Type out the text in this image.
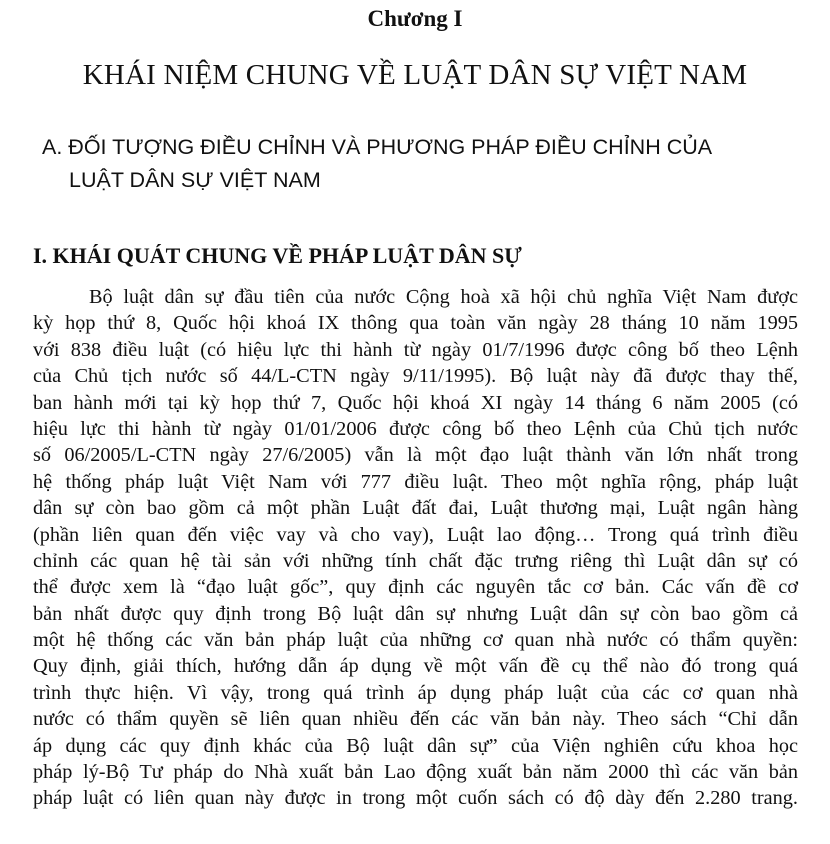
Chương I
KHÁI NIỆM CHUNG VỀ LUẬT DÂN SỰ VIỆT NAM
A. ĐỐI TƯỢNG ĐIỀU CHỈNH VÀ PHƯƠNG PHÁP ĐIỀU CHỈNH CỦA
LUẬT DÂN SỰ VIỆT NAM
I. KHÁI QUÁT CHUNG VỀ PHÁP LUẬT DÂN SỰ
Bộ luật dân sự đầu tiên của nước Cộng hoà xã hội chủ nghĩa Việt Nam được
kỳ họp thứ 8, Quốc hội khoá IX thông qua toàn văn ngày 28 tháng 10 năm 1995
với 838 điều luật (có hiệu lực thi hành từ ngày 01/7/1996 được công bố theo Lệnh
của Chủ tịch nước số 44/L-CTN ngày 9/11/1995). Bộ luật này đã được thay thế,
ban hành mới tại kỳ họp thứ 7, Quốc hội khoá XI ngày 14 tháng 6 năm 2005 (có
hiệu lực thi hành từ ngày 01/01/2006 được công bố theo Lệnh của Chủ tịch nước
số 06/2005/L-CTN ngày 27/6/2005) vẫn là một đạo luật thành văn lớn nhất trong
hệ thống pháp luật Việt Nam với 777 điều luật. Theo một nghĩa rộng, pháp luật
dân sự còn bao gồm cả một phần Luật đất đai, Luật thương mại, Luật ngân hàng
(phần liên quan đến việc vay và cho vay), Luật lao động… Trong quá trình điều
chỉnh các quan hệ tài sản với những tính chất đặc trưng riêng thì Luật dân sự có
thể được xem là “đạo luật gốc”, quy định các nguyên tắc cơ bản. Các vấn đề cơ
bản nhất được quy định trong Bộ luật dân sự nhưng Luật dân sự còn bao gồm cả
một hệ thống các văn bản pháp luật của những cơ quan nhà nước có thẩm quyền:
Quy định, giải thích, hướng dẫn áp dụng về một vấn đề cụ thể nào đó trong quá
trình thực hiện. Vì vậy, trong quá trình áp dụng pháp luật của các cơ quan nhà
nước có thẩm quyền sẽ liên quan nhiều đến các văn bản này. Theo sách “Chỉ dẫn
áp dụng các quy định khác của Bộ luật dân sự” của Viện nghiên cứu khoa học
pháp lý-Bộ Tư pháp do Nhà xuất bản Lao động xuất bản năm 2000 thì các văn bản
pháp luật có liên quan này được in trong một cuốn sách có độ dày đến 2.280 trang.
